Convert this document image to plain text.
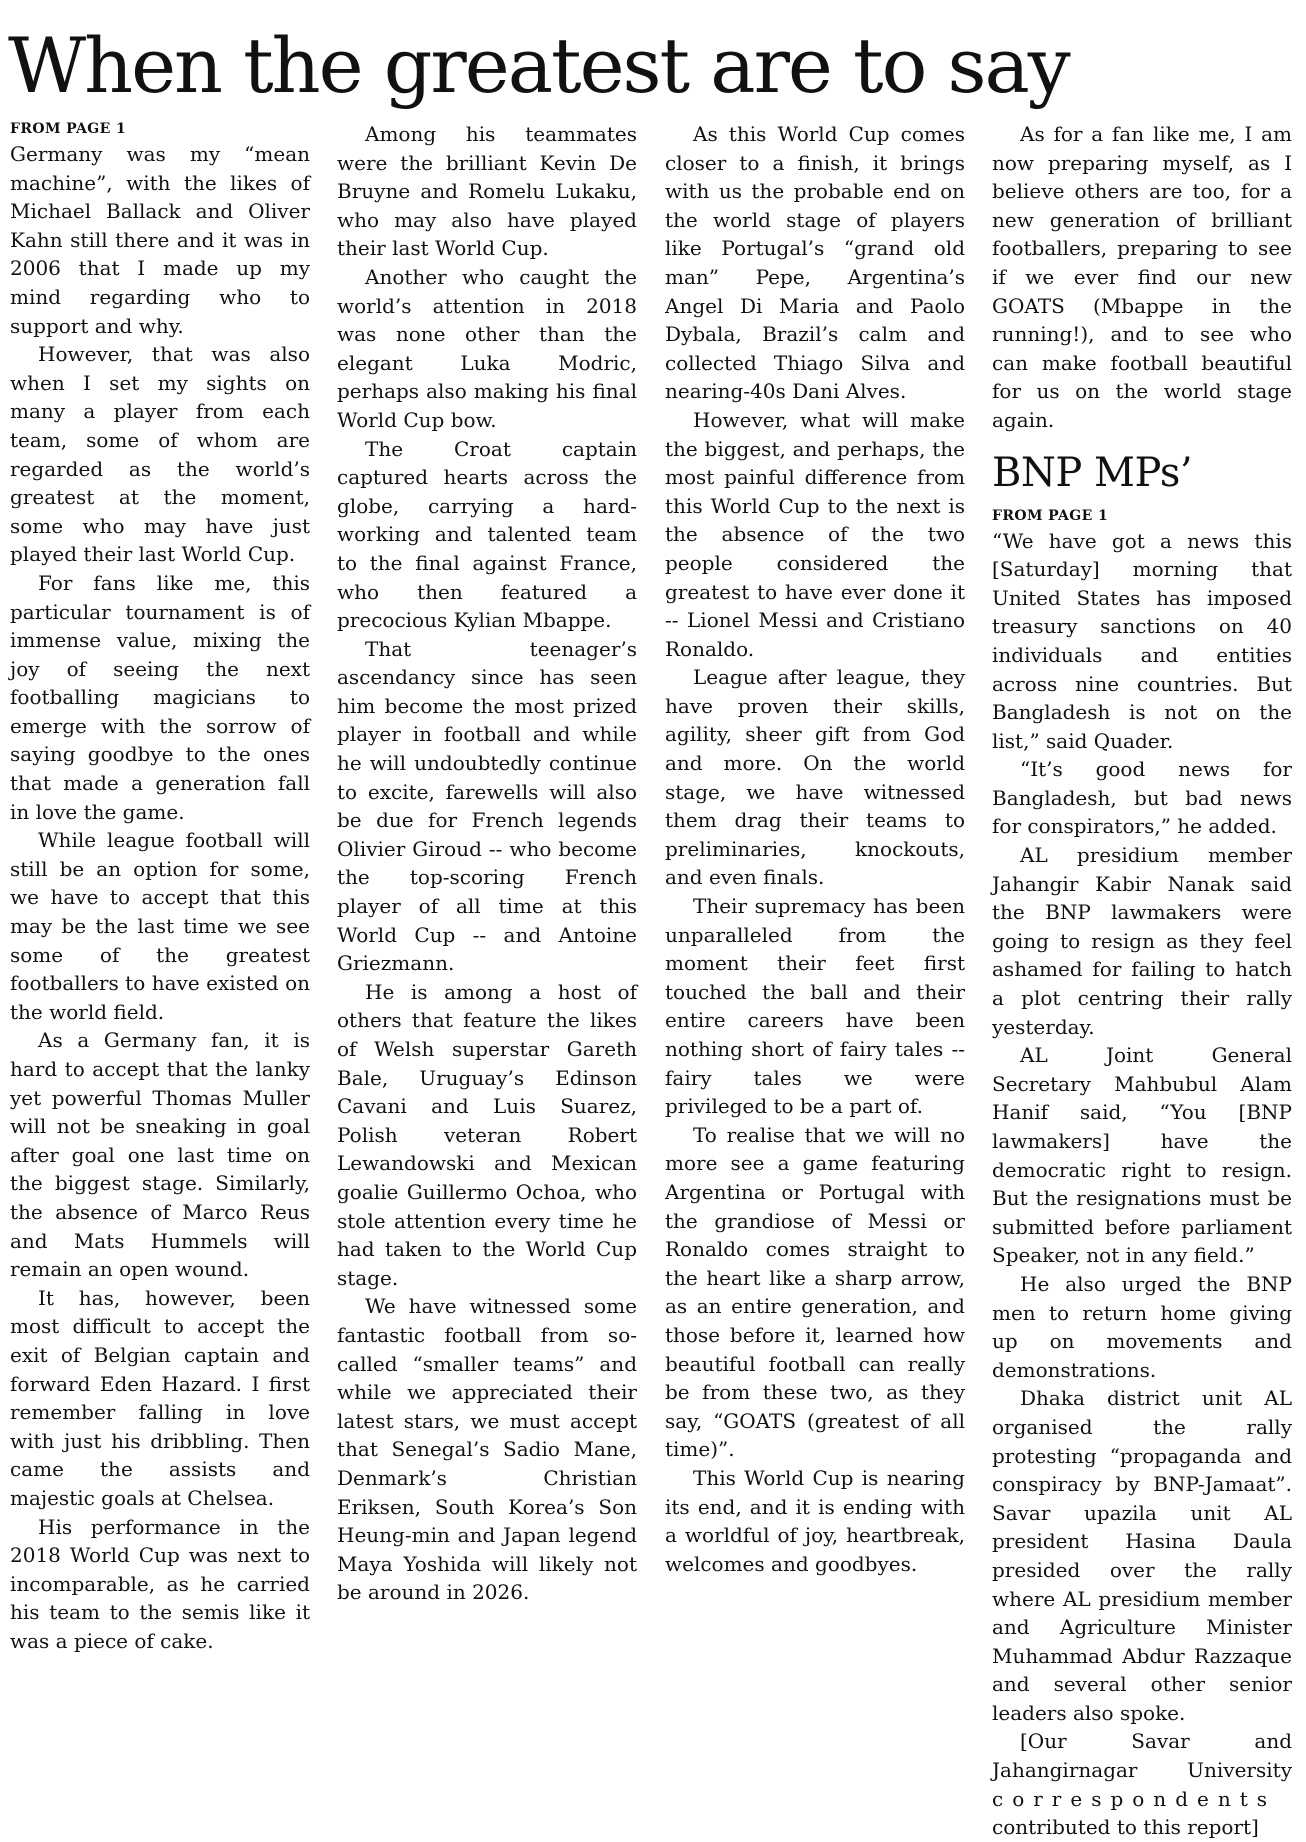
When the greatest are to say
FROM PAGE 1

Germany was my “mean machine”, with the likes of Michael Ballack and Oliver Kahn still there and it was in 2006 that I made up my mind regarding who to support and why.

However, that was also when I set my sights on many a player from each team, some of whom are regarded as the world’s greatest at the moment, some who may have just played their last World Cup.

For fans like me, this particular tournament is of immense value, mixing the joy of seeing the next footballing magicians to emerge with the sorrow of saying goodbye to the ones that made a generation fall in love the game.

While league football will still be an option for some, we have to accept that this may be the last time we see some of the greatest footballers to have existed on the world field.

As a Germany fan, it is hard to accept that the lanky yet powerful Thomas Muller will not be sneaking in goal after goal one last time on the biggest stage. Similarly, the absence of Marco Reus and Mats Hummels will remain an open wound.

It has, however, been most difficult to accept the exit of Belgian captain and forward Eden Hazard. I first remember falling in love with just his dribbling. Then came the assists and majestic goals at Chelsea.

His performance in the 2018 World Cup was next to incomparable, as he carried his team to the semis like it was a piece of cake.

Among his teammates were the brilliant Kevin De Bruyne and Romelu Lukaku, who may also have played their last World Cup.

Another who caught the world’s attention in 2018 was none other than the elegant Luka Modric, perhaps also making his final World Cup bow.

The Croat captain captured hearts across the globe, carrying a hard-working and talented team to the final against France, who then featured a precocious Kylian Mbappe.

That teenager’s ascendancy since has seen him become the most prized player in football and while he will undoubtedly continue to excite, farewells will also be due for French legends Olivier Giroud -- who become the top-scoring French player of all time at this World Cup -- and Antoine Griezmann.

He is among a host of others that feature the likes of Welsh superstar Gareth Bale, Uruguay’s Edinson Cavani and Luis Suarez, Polish veteran Robert Lewandowski and Mexican goalie Guillermo Ochoa, who stole attention every time he had taken to the World Cup stage.

We have witnessed some fantastic football from so-called “smaller teams” and while we appreciated their latest stars, we must accept that Senegal’s Sadio Mane, Denmark’s Christian Eriksen, South Korea’s Son Heung-min and Japan legend Maya Yoshida will likely not be around in 2026.

As this World Cup comes closer to a finish, it brings with us the probable end on the world stage of players like Portugal’s “grand old man” Pepe, Argentina’s Angel Di Maria and Paolo Dybala, Brazil’s calm and collected Thiago Silva and nearing-40s Dani Alves.

However, what will make the biggest, and perhaps, the most painful difference from this World Cup to the next is the absence of the two people considered the greatest to have ever done it -- Lionel Messi and Cristiano Ronaldo.

League after league, they have proven their skills, agility, sheer gift from God and more. On the world stage, we have witnessed them drag their teams to preliminaries, knockouts, and even finals.

Their supremacy has been unparalleled from the moment their feet first touched the ball and their entire careers have been nothing short of fairy tales -- fairy tales we were privileged to be a part of.

To realise that we will no more see a game featuring Argentina or Portugal with the grandiose of Messi or Ronaldo comes straight to the heart like a sharp arrow, as an entire generation, and those before it, learned how beautiful football can really be from these two, as they say, “GOATS (greatest of all time)”.

This World Cup is nearing its end, and it is ending with a worldful of joy, heartbreak, welcomes and goodbyes.

As for a fan like me, I am now preparing myself, as I believe others are too, for a new generation of brilliant footballers, preparing to see if we ever find our new GOATS (Mbappe in the running!), and to see who can make football beautiful for us on the world stage again.

BNP MPs’
FROM PAGE 1

“We have got a news this [Saturday] morning that United States has imposed treasury sanctions on 40 individuals and entities across nine countries. But Bangladesh is not on the list,” said Quader.

“It’s good news for Bangladesh, but bad news for conspirators,” he added.

AL presidium member Jahangir Kabir Nanak said the BNP lawmakers were going to resign as they feel ashamed for failing to hatch a plot centring their rally yesterday.

AL Joint General Secretary Mahbubul Alam Hanif said, “You [BNP lawmakers] have the democratic right to resign. But the resignations must be submitted before parliament Speaker, not in any field.”

He also urged the BNP men to return home giving up on movements and demonstrations.

Dhaka district unit AL organised the rally protesting “propaganda and conspiracy by BNP-Jamaat”. Savar upazila unit AL president Hasina Daula presided over the rally where AL presidium member and Agriculture Minister Muhammad Abdur Razzaque and several other senior leaders also spoke.

[Our Savar and Jahangirnagar University correspondents contributed to this report]
